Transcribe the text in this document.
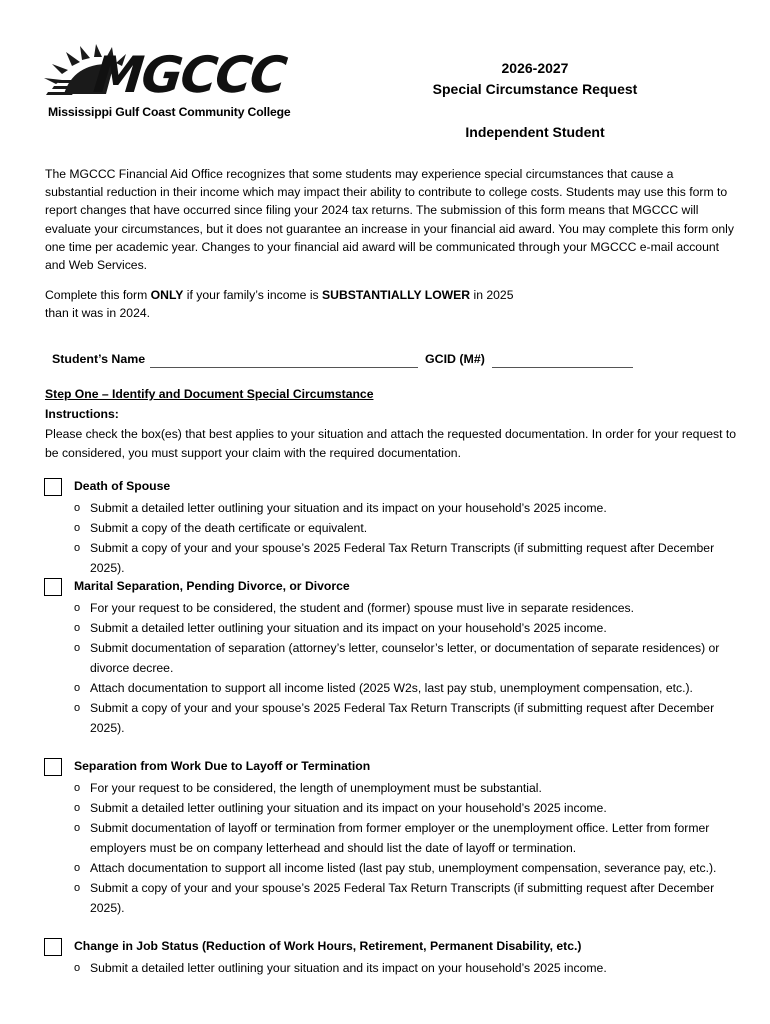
MGCCC
Mississippi Gulf Coast Community College
2026-2027
Special Circumstance Request
Independent Student
The MGCCC Financial Aid Office recognizes that some students may experience special circumstances that cause a substantial reduction in their income which may impact their ability to contribute to college costs. Students may use this form to report changes that have occurred since filing your 2024 tax returns. The submission of this form means that MGCCC will evaluate your circumstances, but it does not guarantee an increase in your financial aid award. You may complete this form only one time per academic year. Changes to your financial aid award will be communicated through your MGCCC e-mail account and Web Services.
Complete this form ONLY if your family’s income is SUBSTANTIALLY LOWER in 2025
than it was in 2024.
Student’s Name	GCID (M#)
Step One – Identify and Document Special Circumstance
Instructions:
Please check the box(es) that best applies to your situation and attach the requested documentation. In order for your request to be considered, you must support your claim with the required documentation.
Death of Spouse
o Submit a detailed letter outlining your situation and its impact on your household’s 2025 income.
o Submit a copy of the death certificate or equivalent.
o Submit a copy of your and your spouse’s 2025 Federal Tax Return Transcripts (if submitting request after December 2025).
Marital Separation, Pending Divorce, or Divorce
o For your request to be considered, the student and (former) spouse must live in separate residences.
o Submit a detailed letter outlining your situation and its impact on your household’s 2025 income.
o Submit documentation of separation (attorney’s letter, counselor’s letter, or documentation of separate residences) or divorce decree.
o Attach documentation to support all income listed (2025 W2s, last pay stub, unemployment compensation, etc.).
o Submit a copy of your and your spouse’s 2025 Federal Tax Return Transcripts (if submitting request after December 2025).
Separation from Work Due to Layoff or Termination
o For your request to be considered, the length of unemployment must be substantial.
o Submit a detailed letter outlining your situation and its impact on your household’s 2025 income.
o Submit documentation of layoff or termination from former employer or the unemployment office. Letter from former employers must be on company letterhead and should list the date of layoff or termination.
o Attach documentation to support all income listed (last pay stub, unemployment compensation, severance pay, etc.).
o Submit a copy of your and your spouse’s 2025 Federal Tax Return Transcripts (if submitting request after December 2025).
Change in Job Status (Reduction of Work Hours, Retirement, Permanent Disability, etc.)
o Submit a detailed letter outlining your situation and its impact on your household’s 2025 income.
